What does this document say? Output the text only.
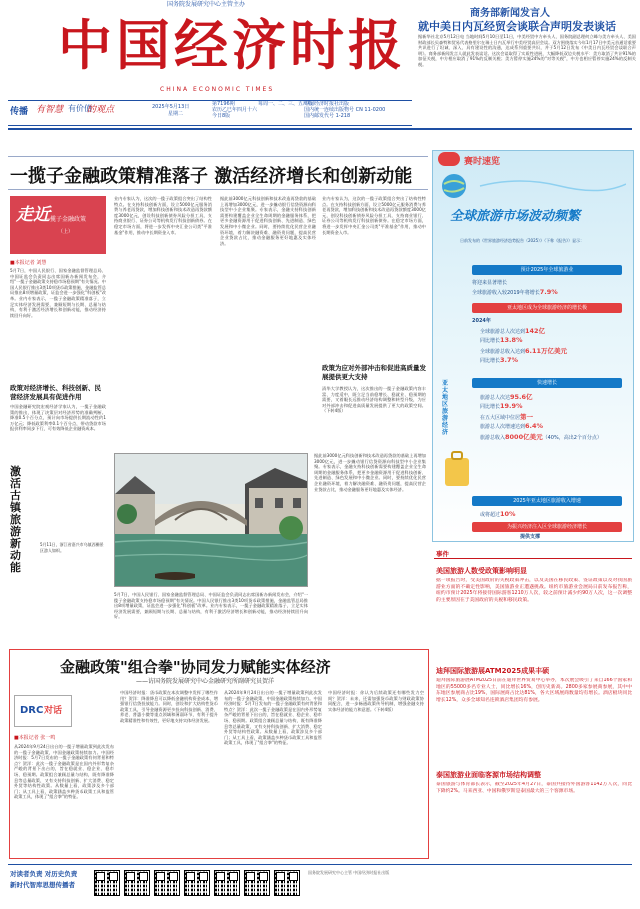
国务院发展研究中心主管主办
中国经济时报
CHINA ECONOMIC TIMES
传播 有智慧 有价值
的观点	2025年5月13日
星期二
第7196期
农历乙巳年四月十六
今日8版
每周一、二、三、五出版
中国经济时报社出版
国内统一连续出版物号 CN 11-0200
国内邮发代号 1-218
商务部新闻发言人
就中美日内瓦经贸会谈联合声明发表谈话
据新华社北京5月12日电 当地时间5月10日至11日，中美经贸中方牵头人、国务院副总理何立峰与美方牵头人、美国财政部长贝森特和贸易代表格里尔在瑞士日内瓦举行中美经贸高层会谈。双方围绕落实今年1月17日中美元首通话重要共识进行了坦诚、深入、具有建设性的沟通，达成系列重要共识，并于5月12日发布《中美日内瓦经贸会谈联合声明》。商务部新闻发言人就此发表谈话。这次会谈取得了实质性进展，大幅降低双边关税水平：美方取消了共计91%的加征关税，中方相应取消了91%的反制关税；美方暂停实施24%的"对等关税"，中方也相应暂停实施24%的反制关税。
一揽子金融政策精准落子 激活经济增长和创新动能
走近
一揽子金融政策
（上）
■本报记者 刘慧
5月7日，中国人民银行、国家金融监督管理总局、中国证监会负责同志出席国新办新闻发布会，介绍"一揽子金融政策支持稳市场稳预期"有关情况。中国人民银行推出3类10项货币政策措施，金融监管总局推出8项增量政策，证监会进一步强化"科创板"改革。业内专家表示，一揽子金融政策精准落子，立足实体经济发展需要，兼顾短期与长期、总量与结构，有利于激活经济增长和创新动能，推动经济持续回升向好。
政策对经济增长、科技创新、民营经济发展具有促进作用
中国金融研究院宏观经济学家认为，一揽子金融政策的推出，体现了决策层对经济形势的准确判断。降准0.5个百分点，预计向市场提供长期流动性约1万亿元；降低政策利率0.1个百分点，带动贷款市场报价利率同步下行，可有效降低企业融资成本。
业内专家认为，这次的一揽子政策组合突出了结构性特点。在支持科技创新方面，设立5000亿元服务消费与养老再贷款，增加科技创新和技术改造再贷款额度3000亿元，创设科技创新债券风险分担工具，支持商业银行、证券公司等机构发行科技创新债券。在稳定市场方面，将进一步发挥中央汇金公司类"平准基金"作用，推动中长期资金入市。
据此前3000亿元科技创新和技术改造再贷款的基础上再增加3000亿元，进一步撬动银行信贷资源向科技型中小企业集聚。专家表示，金融支持科技创新需要构建覆盖企业全生命周期的金融服务体系，把更多金融资源用于促进科技创新、先进制造、绿色发展和中小微企业。同时，要持续优化民营企业融资环境，着力解决融资难、融资贵问题，提高民营企业贷款占比，推动金融服务更好地惠及实体经济。
业内专家认为，这次的一揽子政策组合突出了结构性特点。在支持科技创新方面，设立5000亿元服务消费与养老再贷款，增加科技创新和技术改造再贷款额度3000亿元，创设科技创新债券风险分担工具，支持商业银行、证券公司等机构发行科技创新债券。在稳定市场方面，将进一步发挥中央汇金公司类"平准基金"作用，推动中长期资金入市。
政策为应对外部冲击和促进高质量发展提供更大支持
清华大学教授认为，这次推出的一揽子金融政策内容丰富、力度适中，既立足当前稳增长、稳就业、稳预期的需要，又着眼长远推动经济结构调整和转型升级，为应对外部冲击和促进高质量发展提供了更大的政策空间。（下转4版）
激活古镇旅游新动能
5月11日，浙江省嘉兴市乌镇西栅景区游人如织。
据此前3000亿元科技创新和技术改造再贷款的基础上再增加3000亿元，进一步撬动银行信贷资源向科技型中小企业集聚。专家表示，金融支持科技创新需要构建覆盖企业全生命周期的金融服务体系，把更多金融资源用于促进科技创新、先进制造、绿色发展和中小微企业。同时，要持续优化民营企业融资环境，着力解决融资难、融资贵问题，提高民营企业贷款占比，推动金融服务更好地惠及实体经济。
5月7日，中国人民银行、国家金融监督管理总局、中国证监会负责同志出席国新办新闻发布会，介绍"一揽子金融政策支持稳市场稳预期"有关情况。中国人民银行推出3类10项货币政策措施，金融监管总局推出8项增量政策，证监会进一步强化"科创板"改革。业内专家表示，一揽子金融政策精准落子，立足实体经济发展需要，兼顾短期与长期、总量与结构，有利于激活经济增长和创新动能，推动经济持续回升向好。
金融政策"组合拳"协同发力赋能实体经济
——访国务院发展研究中心金融研究所副研究员贺洋
DRC 对话
■本报记者 张一鸣
从2024年9月24日出台的一揽子增量政策到此次发布的一揽子金融政策，中国金融政策持续加力。中国经济时报：5月7日发布的一揽子金融政策有何背景和特点？贺洋：此次一揽子金融政策是在国内外形势复杂严峻的背景下出台的，旨在稳就业、稳企业、稳市场、稳预期。政策组合兼顾总量与结构，既有降准降息等总量政策，又有支持科技创新、扩大消费、稳定外贸等结构性政策。从数量上看，政策涉及多个部门；从工具上看，政策涵盖多种货币政策工具和监管政策工具，体现了"组合拳"的特征。
中国经济时报：货币政策在本次调整中发挥了哪些作用？贺洋：降准降息可以降低金融机构资金成本，增强银行信贷投放能力。同时，创设和扩大结构性货币政策工具，引导金融资源更多投向科技创新、消费、养老、普惠小微等重点领域和薄弱环节，有利于提升政策精准性和有效性，更好地支持实体经济发展。
从2024年9月24日出台的一揽子增量政策到此次发布的一揽子金融政策，中国金融政策持续加力。中国经济时报：5月7日发布的一揽子金融政策有何背景和特点？贺洋：此次一揽子金融政策是在国内外形势复杂严峻的背景下出台的，旨在稳就业、稳企业、稳市场、稳预期。政策组合兼顾总量与结构，既有降准降息等总量政策，又有支持科技创新、扩大消费、稳定外贸等结构性政策。从数量上看，政策涉及多个部门；从工具上看，政策涵盖多种货币政策工具和监管政策工具，体现了"组合拳"的特征。
中国经济时报：你认为后续政策还有哪些发力空间？贺洋：未来，还需加强货币政策与财政政策协同配合，进一步畅通政策传导机制，增强金融支持实体经济的能力和意愿。（下转4版）
赛时速览
全球旅游市场波动频繁
日前发布的《世界旅游经济趋势报告（2025）》（下称《报告》）显示：
预计2025年全球旅游业
将迎来显著增长
全球旅游收入较2019年将增长7.9%
亚太地区成为全球旅游经济的增长极
2024年
全球旅游总人次达到142亿
同比增长13.8%
全球旅游总收入达到6.11万亿美元
同比增长3.7%
亚太地区旅游经济
快速增长
旅游总人次达95.6亿
同比增长19.9%
在五大区域中位居第一
旅游总人次增速达到6.4%
旅游总收入8000亿美元（40%，高出2个百分点）
2025年亚太地区旅游收入增速
或将超过10%
为振兴经济注入区全球旅游经济增长
提供支撑
事件
美国旅游人数受政策影响明显
据一项报告时，受美国政府的关税政策冲击，以及美国在移民政策、签证政策以及对我国旅游业方面的不确定性影响，美国旅游业正遭遇挑战。纽约市旅游业会展局日前发布报告称，纽约市预计2025年将接待国际游客1210万人次，较之前预计减少约90万人次，这一次调整的主要原因在于美国政府的关税和移民政策。
迪拜国际旅游展ATM2025成果丰硕
迪拜国际旅游展ATM2025日前在迪拜世界贸易中心举办，本次展会吸引了来自166个国家和地区的55000多名专业人士，同比增长16%，创历史新高。2800多家参展商参展，其中中东地区参展商占比19%，国际展商占比达81%，各大区域展商数量均有增长。酒店板块同比增长12%，众多全球知名连锁酒店集团均有参展。
泰国旅游业面临客源市场结构调整
泰国旅游与体育部长表示，截至2025年4月27日，泰国共接待外国游客1142万人次，同比下降约2%。马来西亚、中国和俄罗斯是泰国最大的三个客源市场。
对读者负责 对历史负责
新时代智库思想传播者
国务院发展研究中心主管 中国经济时报社出版
